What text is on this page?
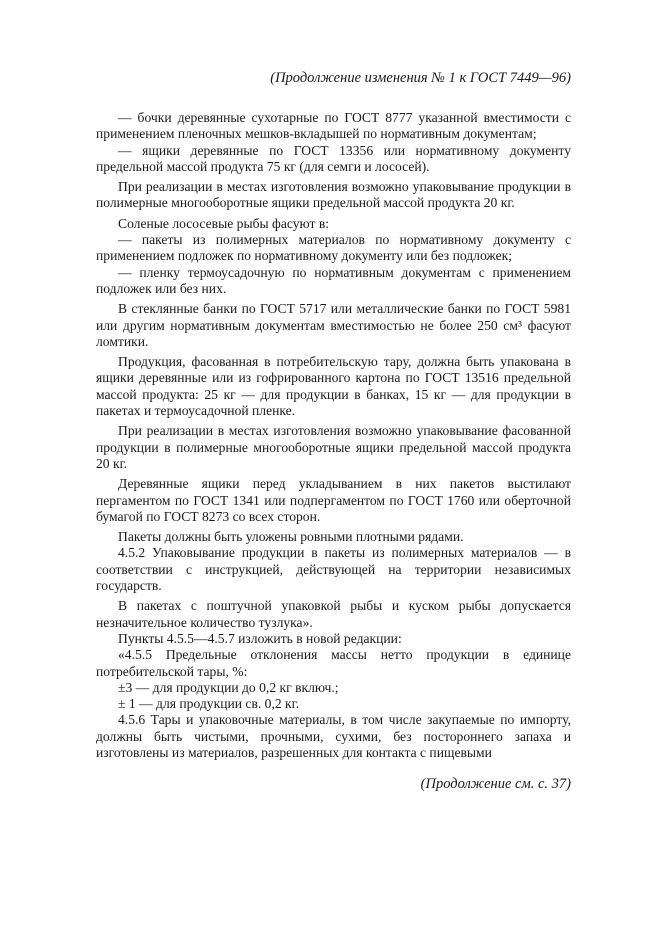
(Продолжение изменения № 1 к ГОСТ 7449—96)

— бочки деревянные сухотарные по ГОСТ 8777 указанной вместимости с применением пленочных мешков-вкладышей по нормативным документам;

— ящики деревянные по ГОСТ 13356 или нормативному документу предельной массой продукта 75 кг (для семги и лососей).

При реализации в местах изготовления возможно упаковывание продукции в полимерные многооборотные ящики предельной массой продукта 20 кг.

Соленые лососевые рыбы фасуют в:

— пакеты из полимерных материалов по нормативному документу с применением подложек по нормативному документу или без подложек;

— пленку термоусадочную по нормативным документам с применением подложек или без них.

В стеклянные банки по ГОСТ 5717 или металлические банки по ГОСТ 5981 или другим нормативным документам вместимостью не более 250 см³ фасуют ломтики.

Продукция, фасованная в потребительскую тару, должна быть упакована в ящики деревянные или из гофрированного картона по ГОСТ 13516 предельной массой продукта: 25 кг — для продукции в банках, 15 кг — для продукции в пакетах и термоусадочной пленке.

При реализации в местах изготовления возможно упаковывание фасованной продукции в полимерные многооборотные ящики предельной массой продукта 20 кг.

Деревянные ящики перед укладыванием в них пакетов выстилают пергаментом по ГОСТ 1341 или подпергаментом по ГОСТ 1760 или оберточной бумагой по ГОСТ 8273 со всех сторон.

Пакеты должны быть уложены ровными плотными рядами.

4.5.2 Упаковывание продукции в пакеты из полимерных материалов — в соответствии с инструкцией, действующей на территории независимых государств.

В пакетах с поштучной упаковкой рыбы и куском рыбы допускается незначительное количество тузлука».

Пункты 4.5.5—4.5.7 изложить в новой редакции:

«4.5.5 Предельные отклонения массы нетто продукции в единице потребительской тары, %:

±3 — для продукции до 0,2 кг включ.;

± 1 — для продукции св. 0,2 кг.

4.5.6 Тары и упаковочные материалы, в том числе закупаемые по импорту, должны быть чистыми, прочными, сухими, без постороннего запаха и изготовлены из материалов, разрешенных для контакта с пищевыми

(Продолжение см. с. 37)
